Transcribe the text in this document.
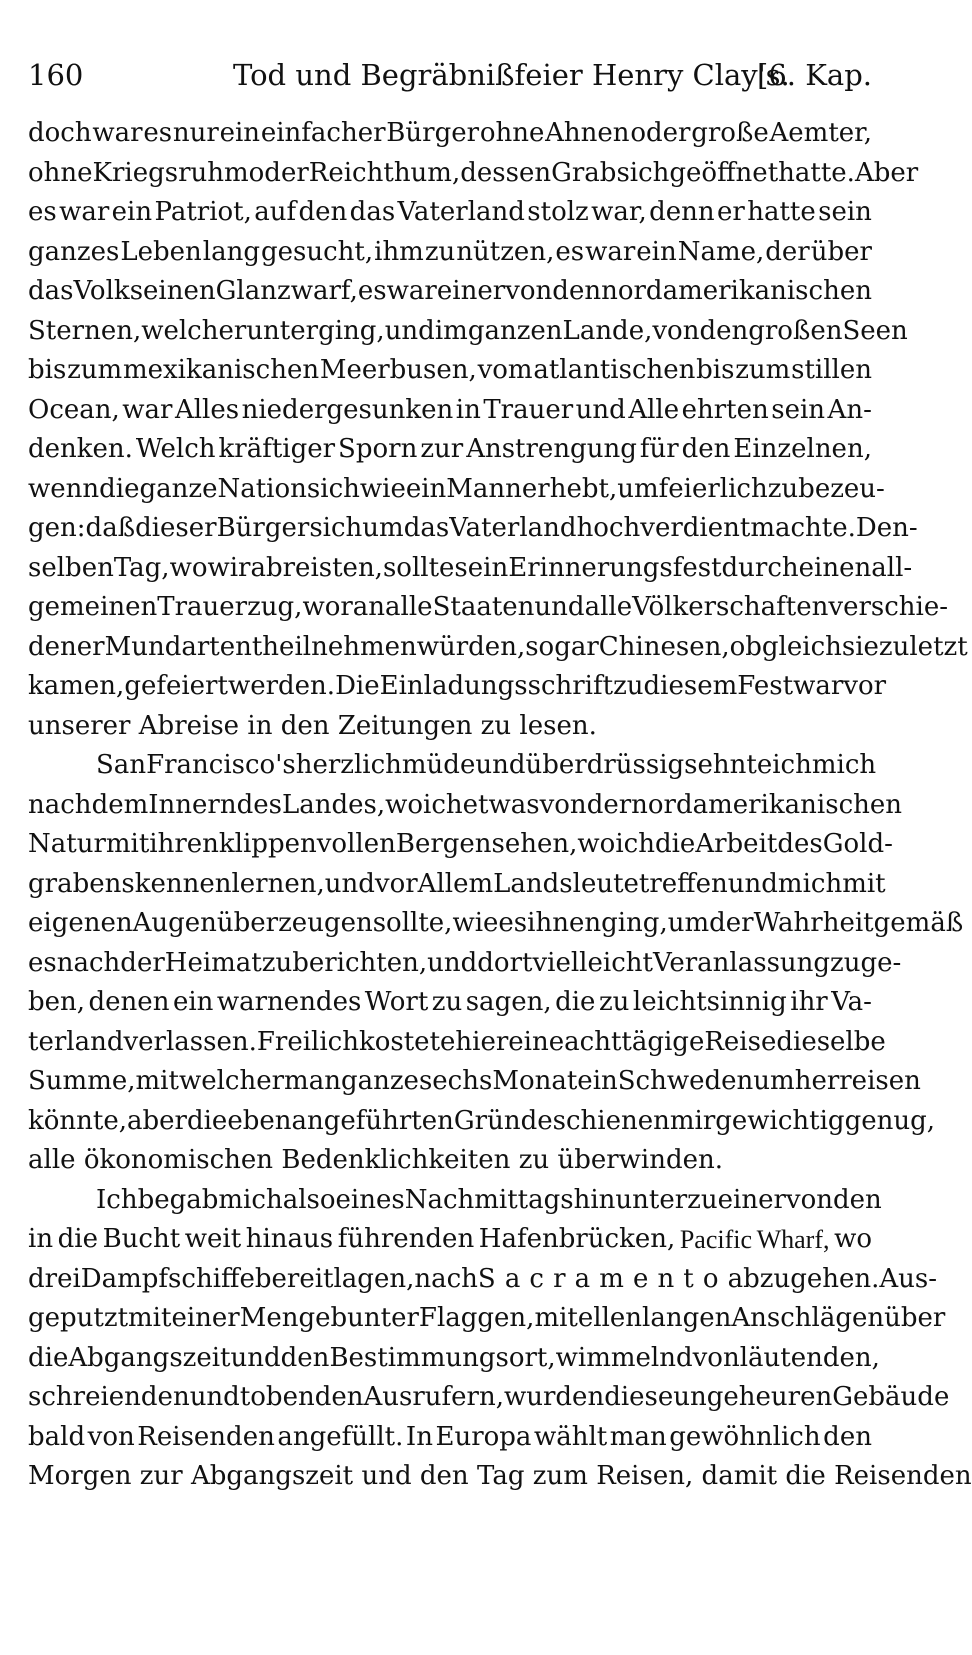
160	Tod und Begräbnißfeier Henry Clay's.
[6. Kap.
doch war es nur ein einfacher Bürger ohne Ahnen oder große Aemter,
ohne Kriegsruhm oder Reichthum, dessen Grab sich geöffnet hatte. Aber
es war ein Patriot, auf den das Vaterland stolz war, denn er hatte sein
ganzes Leben lang gesucht, ihm zu nützen, es war ein Name, der über
das Volk seinen Glanz warf, es war einer von den nordamerikanischen
Sternen, welcher unterging, und im ganzen Lande, von den großen Seen
bis zum mexikanischen Meerbusen, vom atlantischen bis zum stillen
Ocean, war Alles niedergesunken in Trauer und Alle ehrten sein An-
denken. Welch kräftiger Sporn zur Anstrengung für den Einzelnen,
wenn die ganze Nation sich wie ein Mann erhebt, um feierlich zu bezeu-
gen: daß dieser Bürger sich um das Vaterland hochverdient machte. Den-
selben Tag, wo wir abreisten, sollte sein Erinnerungsfest durch einen all-
gemeinen Trauerzug, woran alle Staaten und alle Völkerschaften verschie-
dener Mundarten theilnehmen würden, sogar Chinesen, obgleich sie zuletzt
kamen, gefeiert werden. Die Einladungsschrift zu diesem Fest war vor
unserer Abreise in den Zeitungen zu lesen.
San Francisco's herzlich müde und überdrüssig sehnte ich mich
nach dem Innern des Landes, wo ich etwas von der nordamerikanischen
Natur mit ihren klippenvollen Bergen sehen, wo ich die Arbeit des Gold-
grabens kennen lernen, und vor Allem Landsleute treffen und mich mit
eigenen Augen überzeugen sollte, wie es ihnen ging, um der Wahrheit gemäß
es nach der Heimat zu berichten, und dort vielleicht Veranlassung zu ge-
ben, denen ein warnendes Wort zu sagen, die zu leichtsinnig ihr Va-
terland verlassen. Freilich kostete hier eine achttägige Reise dieselbe
Summe, mit welcher man ganze sechs Monate in Schweden umherreisen
könnte, aber die ebenangeführten Gründe schienen mir gewichtig genug,
alle ökonomischen Bedenklichkeiten zu überwinden.
Ich begab mich also eines Nachmittags hinunter zu einer von den
in die Bucht weit hinaus führenden Hafenbrücken, Pacific Wharf, wo
drei Dampfschiffe bereit lagen, nach Sacramento abzugehen. Aus-
geputzt mit einer Menge bunter Flaggen, mit ellenlangen Anschlägen über
die Abgangszeit und den Bestimmungsort, wimmelnd von läutenden,
schreienden und tobenden Ausrufern, wurden diese ungeheuren Gebäude
bald von Reisenden angefüllt. In Europa wählt man gewöhnlich den
Morgen zur Abgangszeit und den Tag zum Reisen, damit die Reisenden
